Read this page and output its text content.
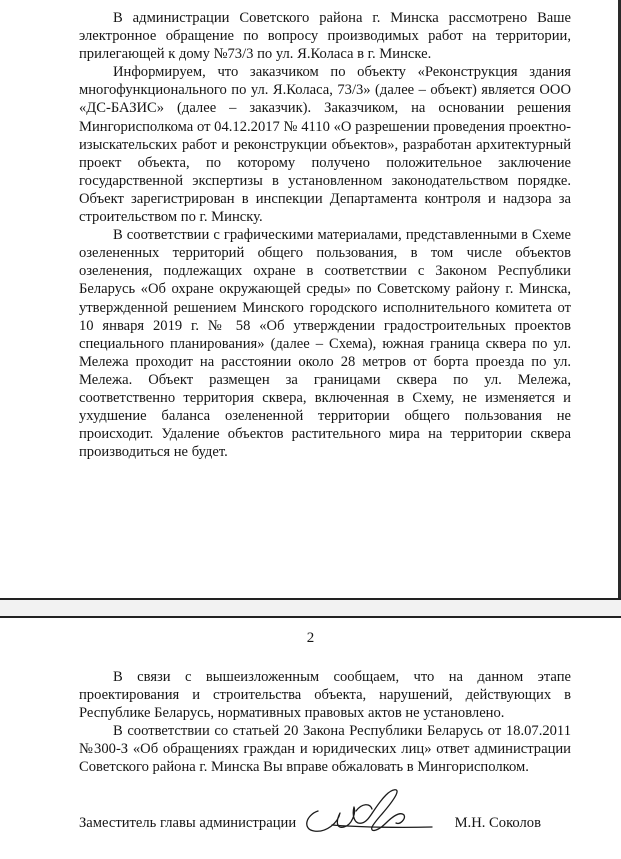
В администрации Советского района г. Минска рассмотрено Ваше электронное обращение по вопросу производимых работ на территории, прилегающей к дому №73/3 по ул. Я.Коласа в г. Минске.

Информируем, что заказчиком по объекту «Реконструкция здания многофункционального по ул. Я.Коласа, 73/3» (далее – объект) является ООО «ДС-БАЗИС» (далее – заказчик). Заказчиком, на основании решения Мингорисполкома от 04.12.2017 № 4110 «О разрешении проведения проектно-изыскательских работ и реконструкции объектов», разработан архитектурный проект объекта, по которому получено положительное заключение государственной экспертизы в установленном законодательством порядке. Объект зарегистрирован в инспекции Департамента контроля и надзора за строительством по г. Минску.

В соответствии с графическими материалами, представленными в Схеме озелененных территорий общего пользования, в том числе объектов озеленения, подлежащих охране в соответствии с Законом Республики Беларусь «Об охране окружающей среды» по Советскому району г. Минска, утвержденной решением Минского городского исполнительного комитета от 10 января 2019 г. № 58 «Об утверждении градостроительных проектов специального планирования» (далее – Схема), южная граница сквера по ул. Мележа проходит на расстоянии около 28 метров от борта проезда по ул. Мележа. Объект размещен за границами сквера по ул. Мележа, соответственно территория сквера, включенная в Схему, не изменяется и ухудшение баланса озелененной территории общего пользования не происходит. Удаление объектов растительного мира на территории сквера производиться не будет.

2

В связи с вышеизложенным сообщаем, что на данном этапе проектирования и строительства объекта, нарушений, действующих в Республике Беларусь, нормативных правовых актов не установлено.

В соответствии со статьей 20 Закона Республики Беларусь от 18.07.2011 №300-З «Об обращениях граждан и юридических лиц» ответ администрации Советского района г. Минска Вы вправе обжаловать в Мингорисполком.

Заместитель главы администрации	М.Н. Соколов
